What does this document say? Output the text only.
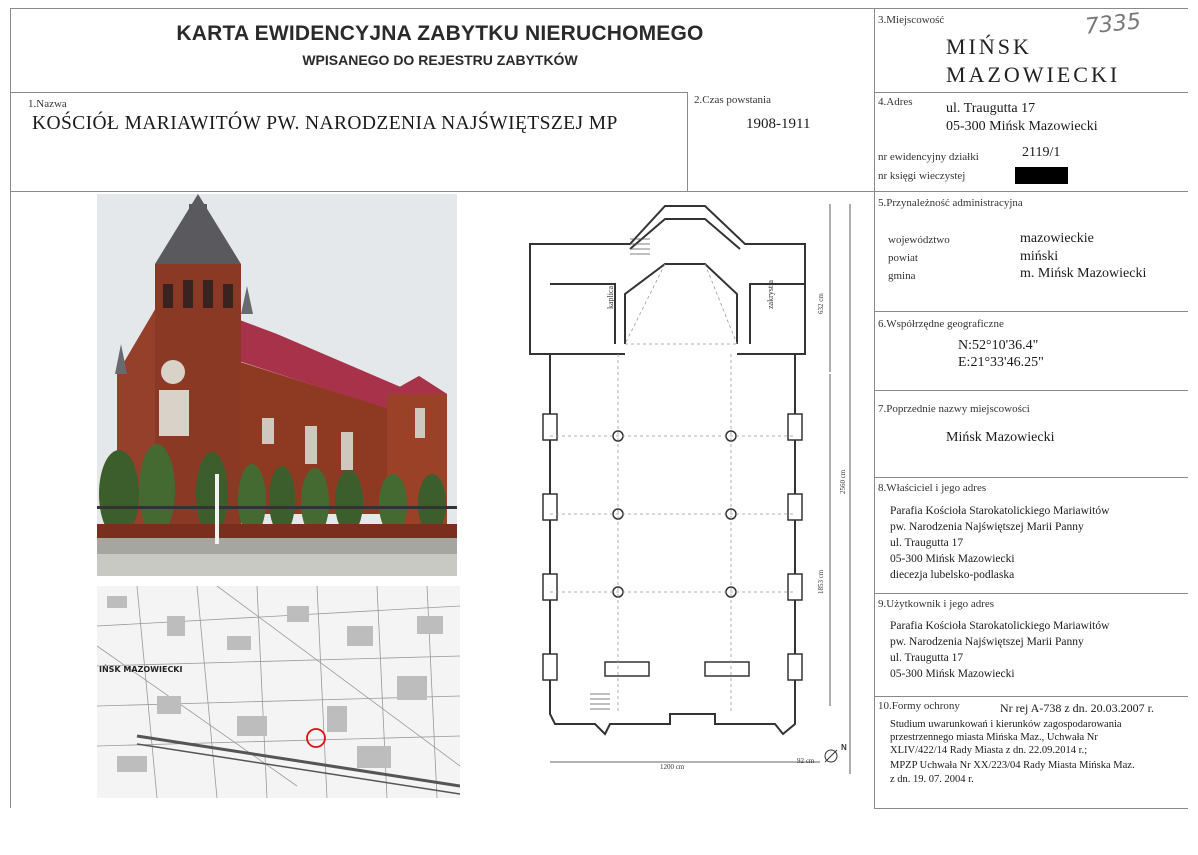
KARTA EWIDENCYJNA ZABYTKU NIERUCHOMEGO
WPISANEGO DO REJESTRU ZABYTKÓW
3.Miejscowość
MIŃSK
MAZOWIECKI
7335
1.Nazwa
KOŚCIÓŁ MARIAWITÓW PW. NARODZENIA NAJŚWIĘTSZEJ MP
2.Czas powstania
1908-1911
4.Adres ul. Traugutta 17
05-300 Mińsk Mazowiecki
nr ewidencyjny działki	2119/1
nr księgi wieczystej
5.Przynależność administracyjna
województwo	mazowieckie
powiat	miński
gmina	m. Mińsk Mazowiecki
6.Współrzędne geograficzne
N:52°10'36.4"
E:21°33'46.25"
7.Poprzednie nazwy miejscowości
Mińsk Mazowiecki
8.Właściciel i jego adres
Parafia Kościoła Starokatolickiego Mariawitów
pw. Narodzenia Najświętszej Marii Panny
ul. Traugutta 17
05-300 Mińsk Mazowiecki
diecezja lubelsko-podlaska
9.Użytkownik i jego adres
Parafia Kościoła Starokatolickiego Mariawitów
pw. Narodzenia Najświętszej Marii Panny
ul. Traugutta 17
05-300 Mińsk Mazowiecki
10.Formy ochrony	Nr rej A-738 z dn. 20.03.2007 r.
Studium uwarunkowań i kierunków zagospodarowania
przestrzennego miasta Mińska Maz., Uchwała Nr
XLIV/422/14 Rady Miasta z dn. 22.09.2014 r.;
MPZP Uchwała Nr XX/223/04 Rady Miasta Mińska Maz.
z dn. 19. 07. 2004 r.
IŃSK MAZOWIECKI
kaplica	zakrystia	632 cm
2560 cm
1853 cm
1200 cm
92 cm
N
